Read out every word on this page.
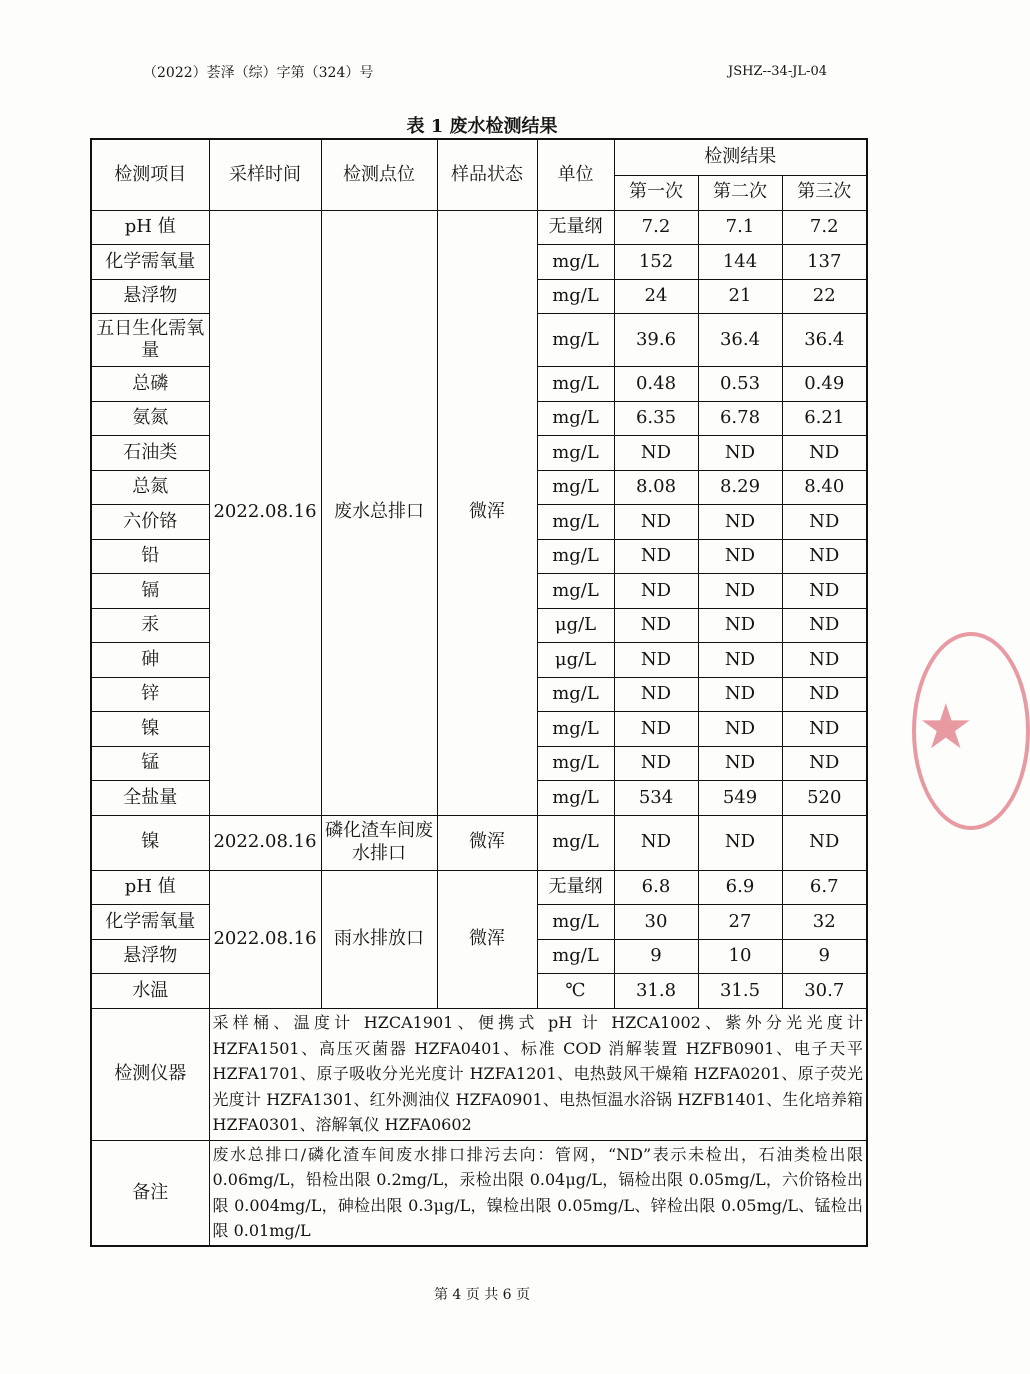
（2022）荟泽（综）字第（324）号	JSHZ--34-JL-04
表 1 废水检测结果
检测项目	采样时间	检测点位	样品状态	单位	检测结果		
					第一次	第二次	第三次
pH 值	2022.08.16	废水总排口	微浑	无量纲	7.2	7.1	7.2
化学需氧量				mg/L	152	144	137
悬浮物				mg/L	24	21	22
五日生化需氧量				mg/L	39.6	36.4	36.4
总磷				mg/L	0.48	0.53	0.49
氨氮				mg/L	6.35	6.78	6.21
石油类				mg/L	ND	ND	ND
总氮				mg/L	8.08	8.29	8.40
六价铬				mg/L	ND	ND	ND
铅				mg/L	ND	ND	ND
镉				mg/L	ND	ND	ND
汞				μg/L	ND	ND	ND
砷				μg/L	ND	ND	ND
锌				mg/L	ND	ND	ND
镍				mg/L	ND	ND	ND
锰				mg/L	ND	ND	ND
全盐量				mg/L	534	549	520
镍	2022.08.16	磷化渣车间废水排口	微浑	mg/L	ND	ND	ND
pH 值	2022.08.16	雨水排放口	微浑	无量纲	6.8	6.9	6.7
化学需氧量				mg/L	30	27	32
悬浮物				mg/L	9	10	9
水温				℃	31.8	31.5	30.7
检测仪器	采样桶、温度计 HZCA1901、便携式 pH 计 HZCA1002、紫外分光光度计 HZFA1501、高压灭菌器 HZFA0401、标准 COD 消解装置 HZFB0901、电子天平 HZFA1701、原子吸收分光光度计 HZFA1201、电热鼓风干燥箱 HZFA0201、原子荧光光度计 HZFA1301、红外测油仪 HZFA0901、电热恒温水浴锅 HZFB1401、生化培养箱 HZFA0301、溶解氧仪 HZFA0602						
备注	废水总排口/磷化渣车间废水排口排污去向：管网，“ND”表示未检出，石油类检出限 0.06mg/L，铅检出限 0.2mg/L，汞检出限 0.04μg/L，镉检出限 0.05mg/L，六价铬检出限 0.004mg/L，砷检出限 0.3μg/L，镍检出限 0.05mg/L、锌检出限 0.05mg/L、锰检出限 0.01mg/L						
第 4 页 共 6 页
★
